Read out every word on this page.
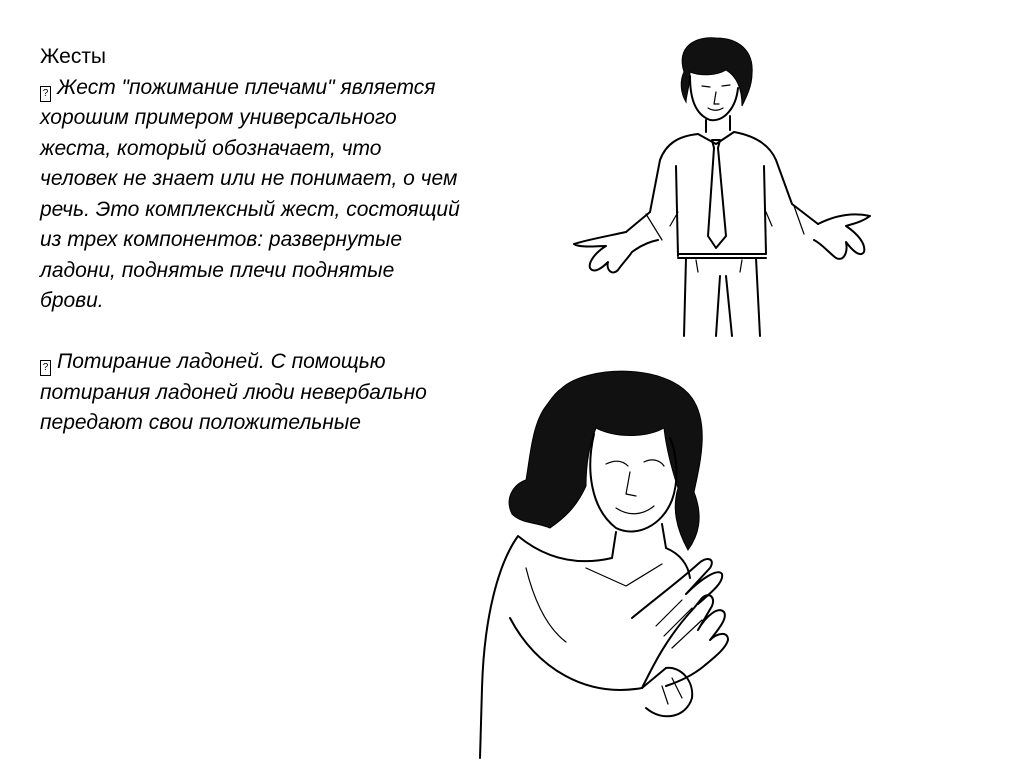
Жесты
? Жест "пожимание плечами" является хорошим примером универсального жеста, который обозначает, что человек не знает или не понимает, о чем речь. Это комплексный жест, состоящий из трех компонентов: развернутые ладони, поднятые плечи поднятые брови.
? Потирание ладоней. С помощью потирания ладоней люди невербально передают свои положительные
